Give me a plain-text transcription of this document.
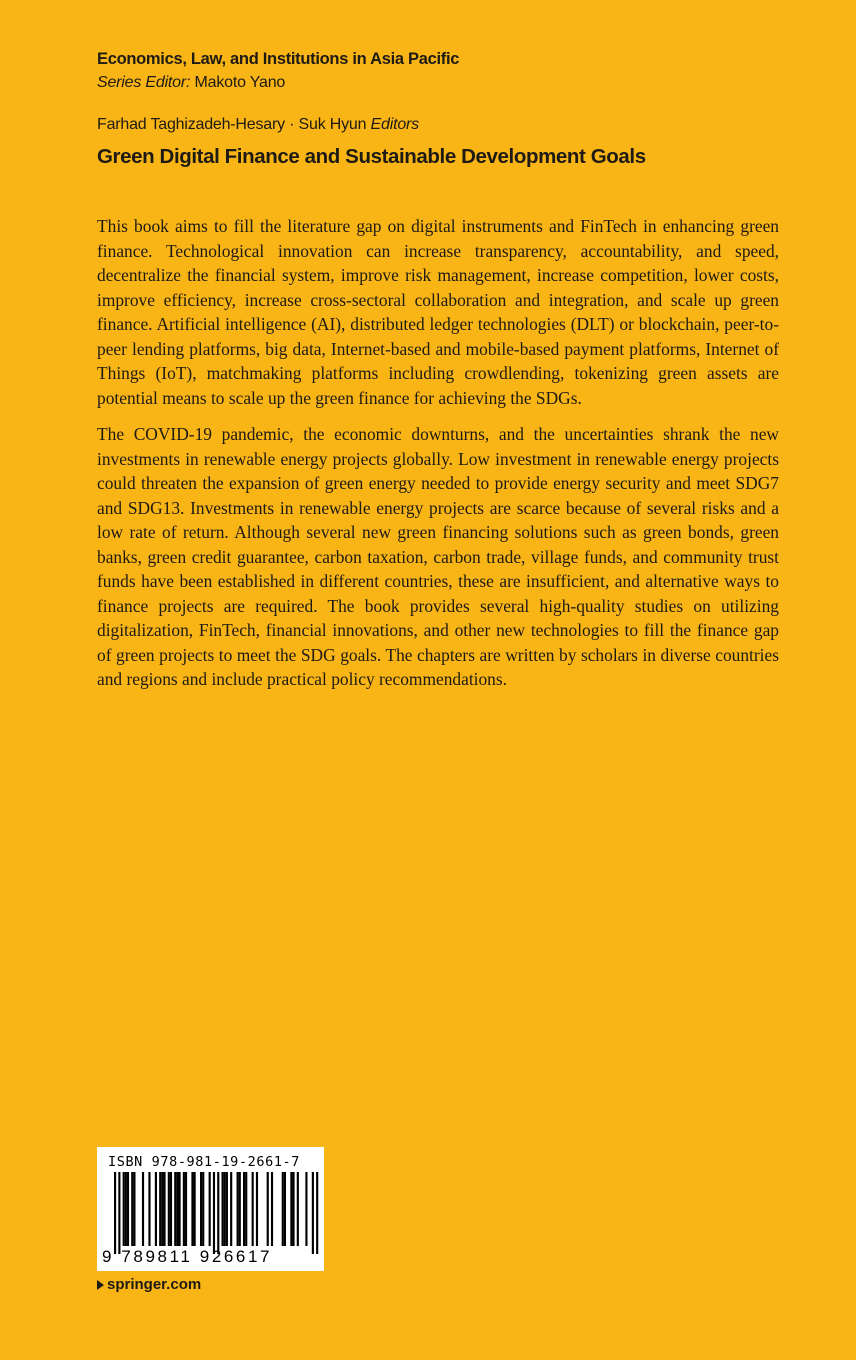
Economics, Law, and Institutions in Asia Pacific
Series Editor: Makoto Yano
Farhad Taghizadeh-Hesary · Suk Hyun Editors
Green Digital Finance and Sustainable Development Goals

This book aims to fill the literature gap on digital instruments and FinTech in enhancing green finance. Technological innovation can increase transparency, accountability, and speed, decentralize the financial system, improve risk management, increase competition, lower costs, improve efficiency, increase cross-sectoral collaboration and integration, and scale up green finance. Artificial intelligence (AI), distributed ledger technologies (DLT) or blockchain, peer-to-peer lending platforms, big data, Internet-based and mobile-based payment platforms, Internet of Things (IoT), matchmaking platforms including crowdlending, tokenizing green assets are potential means to scale up the green finance for achieving the SDGs.

The COVID-19 pandemic, the economic downturns, and the uncertainties shrank the new investments in renewable energy projects globally. Low investment in renewable energy projects could threaten the expansion of green energy needed to provide energy security and meet SDG7 and SDG13. Investments in renewable energy projects are scarce because of several risks and a low rate of return. Although several new green financing solutions such as green bonds, green banks, green credit guarantee, carbon taxation, carbon trade, village funds, and community trust funds have been established in different countries, these are insufficient, and alternative ways to finance projects are required. The book provides several high-quality studies on utilizing digitalization, FinTech, financial innovations, and other new technologies to fill the finance gap of green projects to meet the SDG goals. The chapters are written by scholars in diverse countries and regions and include practical policy recommendations.

ISBN 978-981-19-2661-7
9 789811 926617
springer.com
